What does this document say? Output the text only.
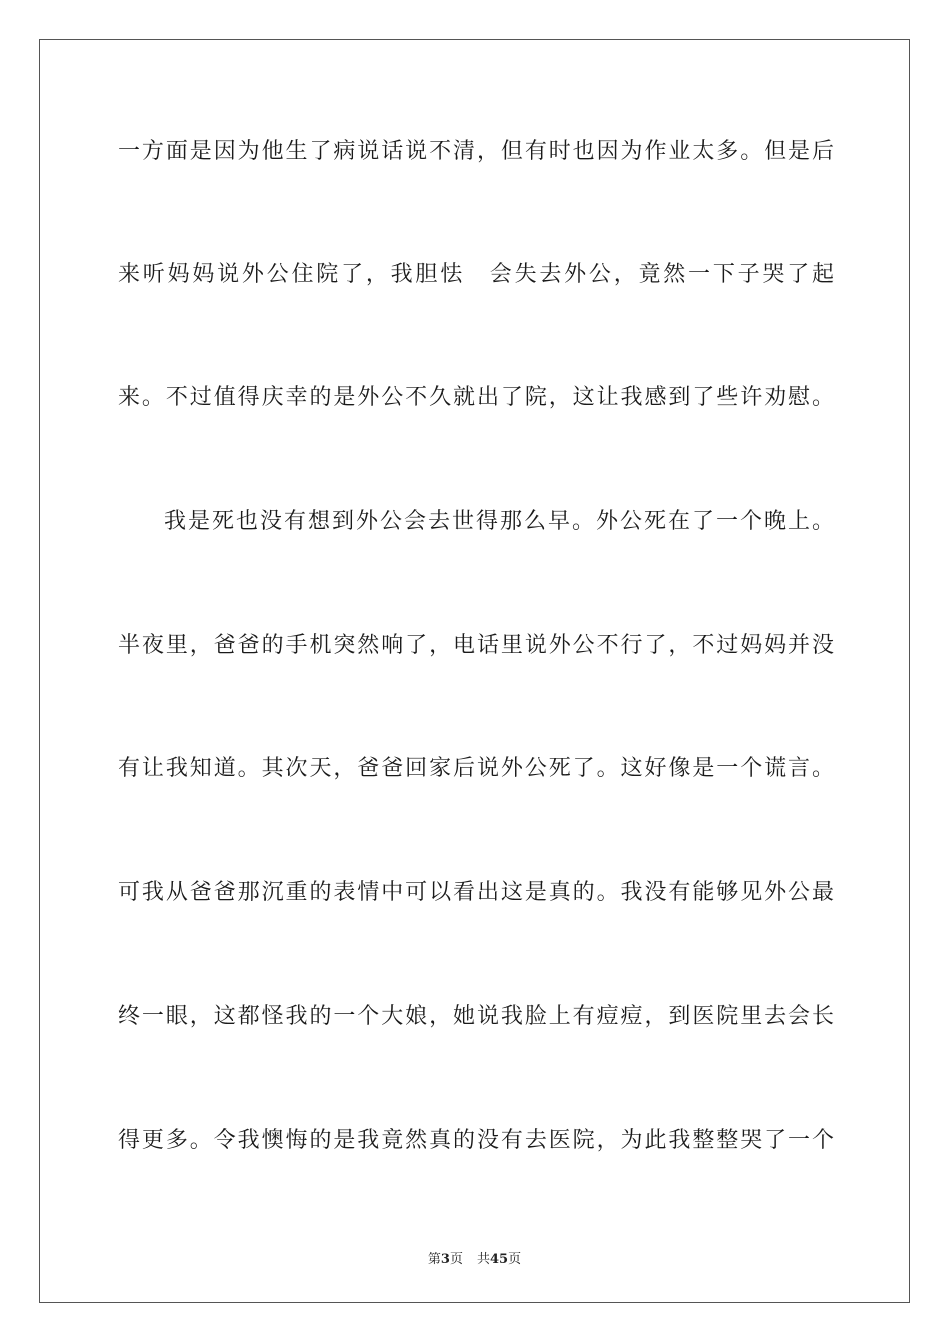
一方面是因为他生了病说话说不清，但有时也因为作业太多。但是后
来听妈妈说外公住院了，我胆怯　会失去外公，竟然一下子哭了起
来。不过值得庆幸的是外公不久就出了院，这让我感到了些许劝慰。
我是死也没有想到外公会去世得那么早。外公死在了一个晚上。
半夜里，爸爸的手机突然响了，电话里说外公不行了，不过妈妈并没
有让我知道。其次天，爸爸回家后说外公死了。这好像是一个谎言。
可我从爸爸那沉重的表情中可以看出这是真的。我没有能够见外公最
终一眼，这都怪我的一个大娘，她说我脸上有痘痘，到医院里去会长
得更多。令我懊悔的是我竟然真的没有去医院，为此我整整哭了一个
第3页 共45页
